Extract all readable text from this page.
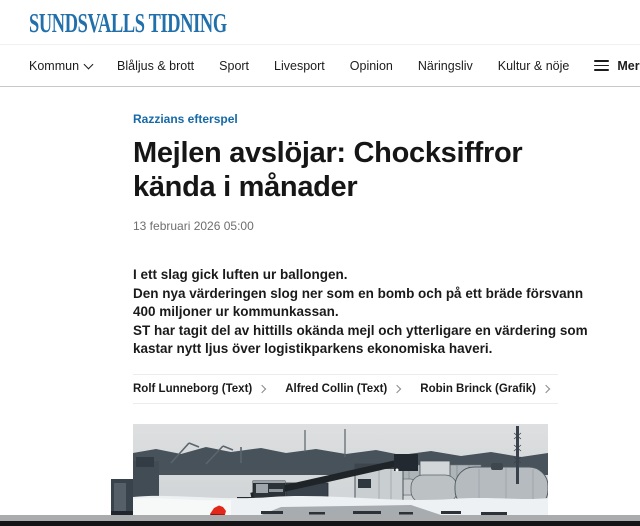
SUNDSVALLS TIDNING
Kommun	Blåljus & brott Sport Livesport Opinion Näringsliv Kultur & nöje	Mer
Razzians efterspel
Mejlen avslöjar: Chocksiffror kända i månader
13 februari 2026 05:00

I ett slag gick luften ur ballongen.

Den nya värderingen slog ner som en bomb och på ett bräde försvann 400 miljoner ur kommunkassan.

ST har tagit del av hittills okända mejl och ytterligare en värdering som kastar nytt ljus över logistikparkens ekonomiska haveri.

Rolf Lunneborg (Text)	Alfred Collin (Text)	Robin Brinck (Grafik)
